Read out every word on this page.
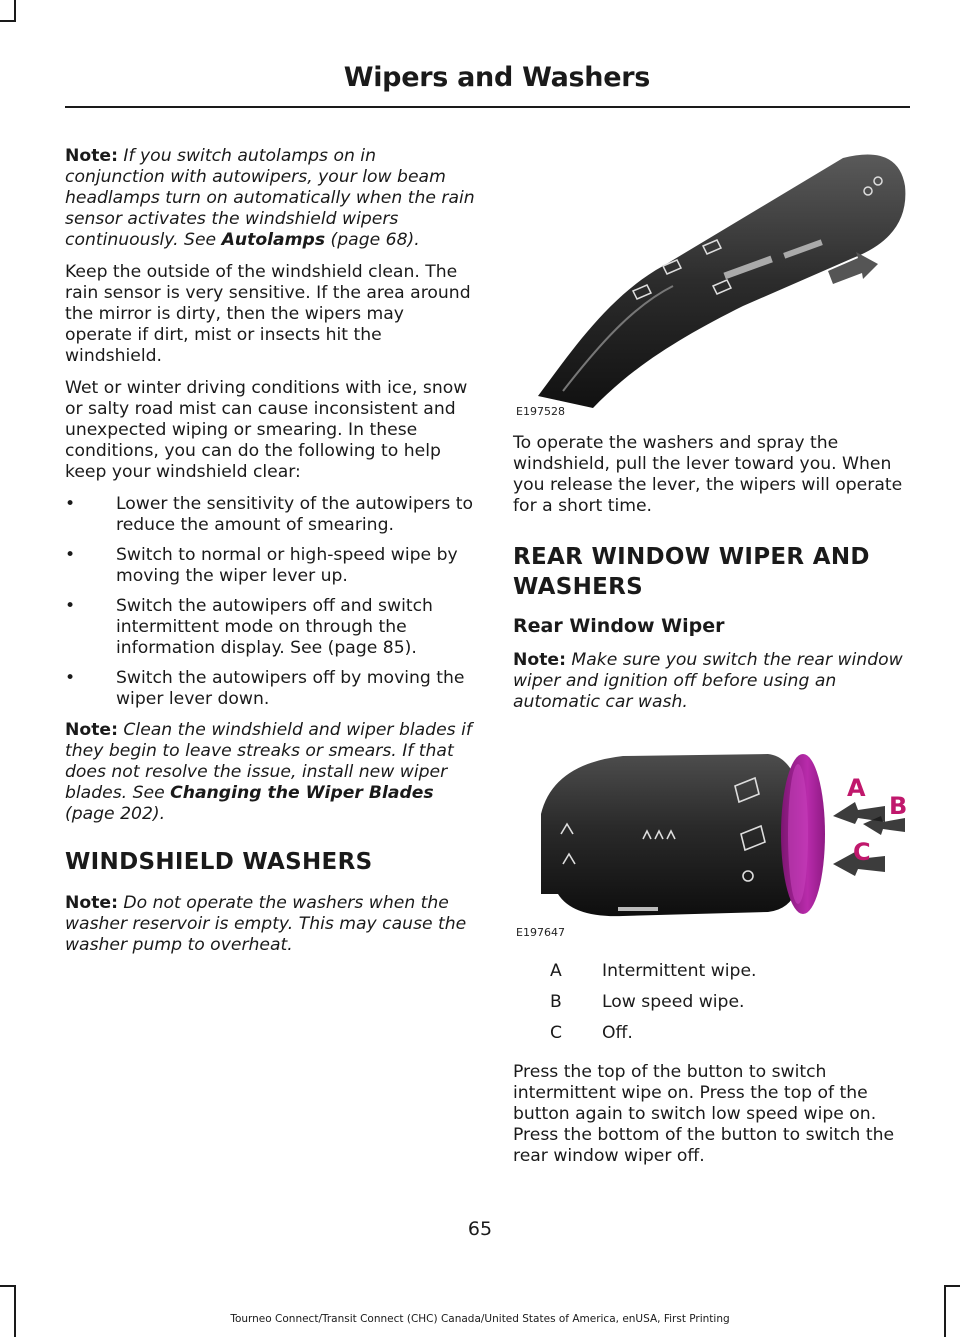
Wipers and Washers

Note: If you switch autolamps on in conjunction with autowipers, your low beam headlamps turn on automatically when the rain sensor activates the windshield wipers continuously. See Autolamps (page 68).

Keep the outside of the windshield clean. The rain sensor is very sensitive. If the area around the mirror is dirty, then the wipers may operate if dirt, mist or insects hit the windshield.

Wet or winter driving conditions with ice, snow or salty road mist can cause inconsistent and unexpected wiping or smearing. In these conditions, you can do the following to help keep your windshield clear:

• Lower the sensitivity of the autowipers to reduce the amount of smearing.
• Switch to normal or high-speed wipe by moving the wiper lever up.
• Switch the autowipers off and switch intermittent mode on through the information display. See (page 85).
• Switch the autowipers off by moving the wiper lever down.

Note: Clean the windshield and wiper blades if they begin to leave streaks or smears. If that does not resolve the issue, install new wiper blades. See Changing the Wiper Blades (page 202).

WINDSHIELD WASHERS

Note: Do not operate the washers when the washer reservoir is empty. This may cause the washer pump to overheat.

E197528

To operate the washers and spray the windshield, pull the lever toward you. When you release the lever, the wipers will operate for a short time.

REAR WINDOW WIPER AND WASHERS
Rear Window Wiper

Note: Make sure you switch the rear window wiper and ignition off before using an automatic car wash.

A
B
C
E197647
A	Intermittent wipe.
B	Low speed wipe.
C	Off.

Press the top of the button to switch intermittent wipe on. Press the top of the button again to switch low speed wipe on. Press the bottom of the button to switch the rear window wiper off.

65
Tourneo Connect/Transit Connect (CHC) Canada/United States of America, enUSA, First Printing
